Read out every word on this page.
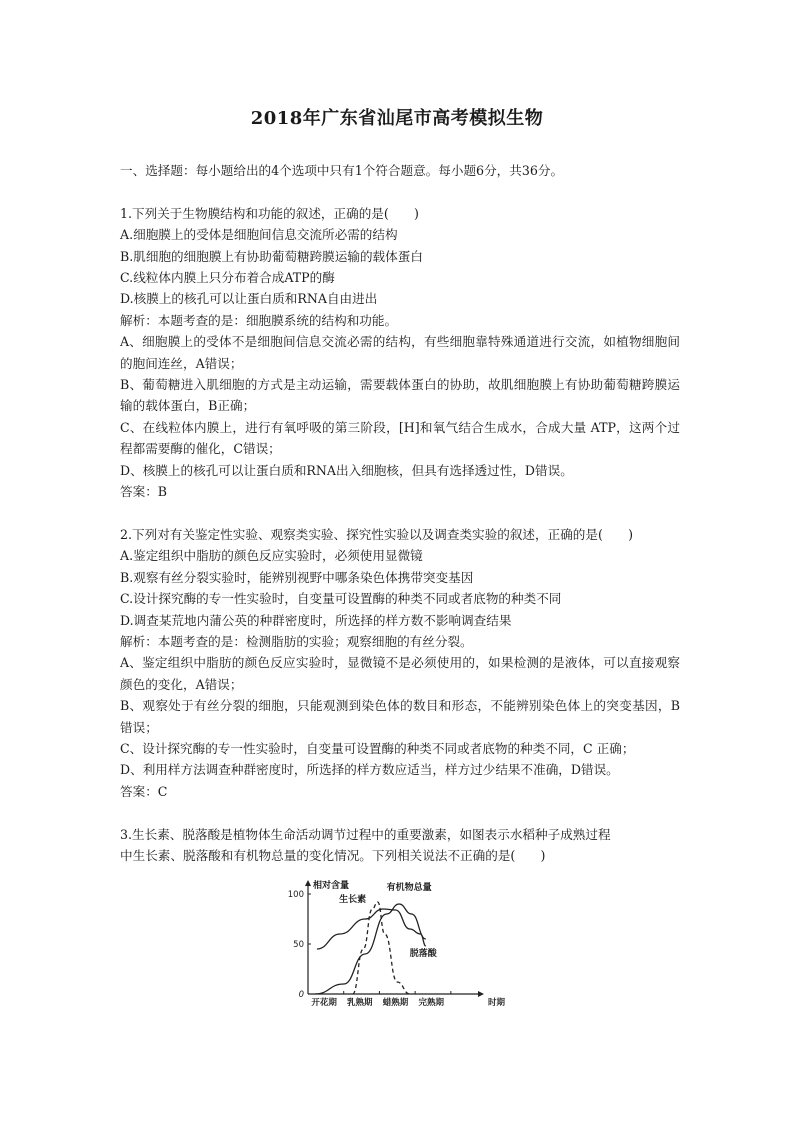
2018年广东省汕尾市高考模拟生物

一、选择题：每小题给出的4个选项中只有1个符合题意。每小题6分，共36分。

1.下列关于生物膜结构和功能的叙述，正确的是(　　)

A.细胞膜上的受体是细胞间信息交流所必需的结构

B.肌细胞的细胞膜上有协助葡萄糖跨膜运输的载体蛋白

C.线粒体内膜上只分布着合成ATP的酶

D.核膜上的核孔可以让蛋白质和RNA自由进出

解析：本题考查的是：细胞膜系统的结构和功能。

A、细胞膜上的受体不是细胞间信息交流必需的结构，有些细胞靠特殊通道进行交流，如植物细胞间的胞间连丝，A错误；

B、葡萄糖进入肌细胞的方式是主动运输，需要载体蛋白的协助，故肌细胞膜上有协助葡萄糖跨膜运输的载体蛋白，B正确；

C、在线粒体内膜上，进行有氧呼吸的第三阶段，[H]和氧气结合生成水，合成大量 ATP，这两个过程都需要酶的催化，C错误；

D、核膜上的核孔可以让蛋白质和RNA出入细胞核，但具有选择透过性，D错误。

答案：B

2.下列对有关鉴定性实验、观察类实验、探究性实验以及调查类实验的叙述，正确的是(　　)

A.鉴定组织中脂肪的颜色反应实验时，必须使用显微镜

B.观察有丝分裂实验时，能辨别视野中哪条染色体携带突变基因

C.设计探究酶的专一性实验时，自变量可设置酶的种类不同或者底物的种类不同

D.调查某荒地内蒲公英的种群密度时，所选择的样方数不影响调查结果

解析：本题考查的是：检测脂肪的实验；观察细胞的有丝分裂。

A、鉴定组织中脂肪的颜色反应实验时，显微镜不是必须使用的，如果检测的是液体，可以直接观察颜色的变化，A错误；

B、观察处于有丝分裂的细胞，只能观测到染色体的数目和形态，不能辨别染色体上的突变基因，B错误；

C、设计探究酶的专一性实验时，自变量可设置酶的种类不同或者底物的种类不同，C 正确；

D、利用样方法调查种群密度时，所选择的样方数应适当，样方过少结果不准确，D错误。

答案：C

3.生长素、脱落酸是植物体生命活动调节过程中的重要激素，如图表示水稻种子成熟过程

中生长素、脱落酸和有机物总量的变化情况。下列相关说法不正确的是(　　)

相对含量
100
50
0
开花期 乳熟期 蜡熟期 完熟期	时期
有机物总量
生长素
脱落酸
